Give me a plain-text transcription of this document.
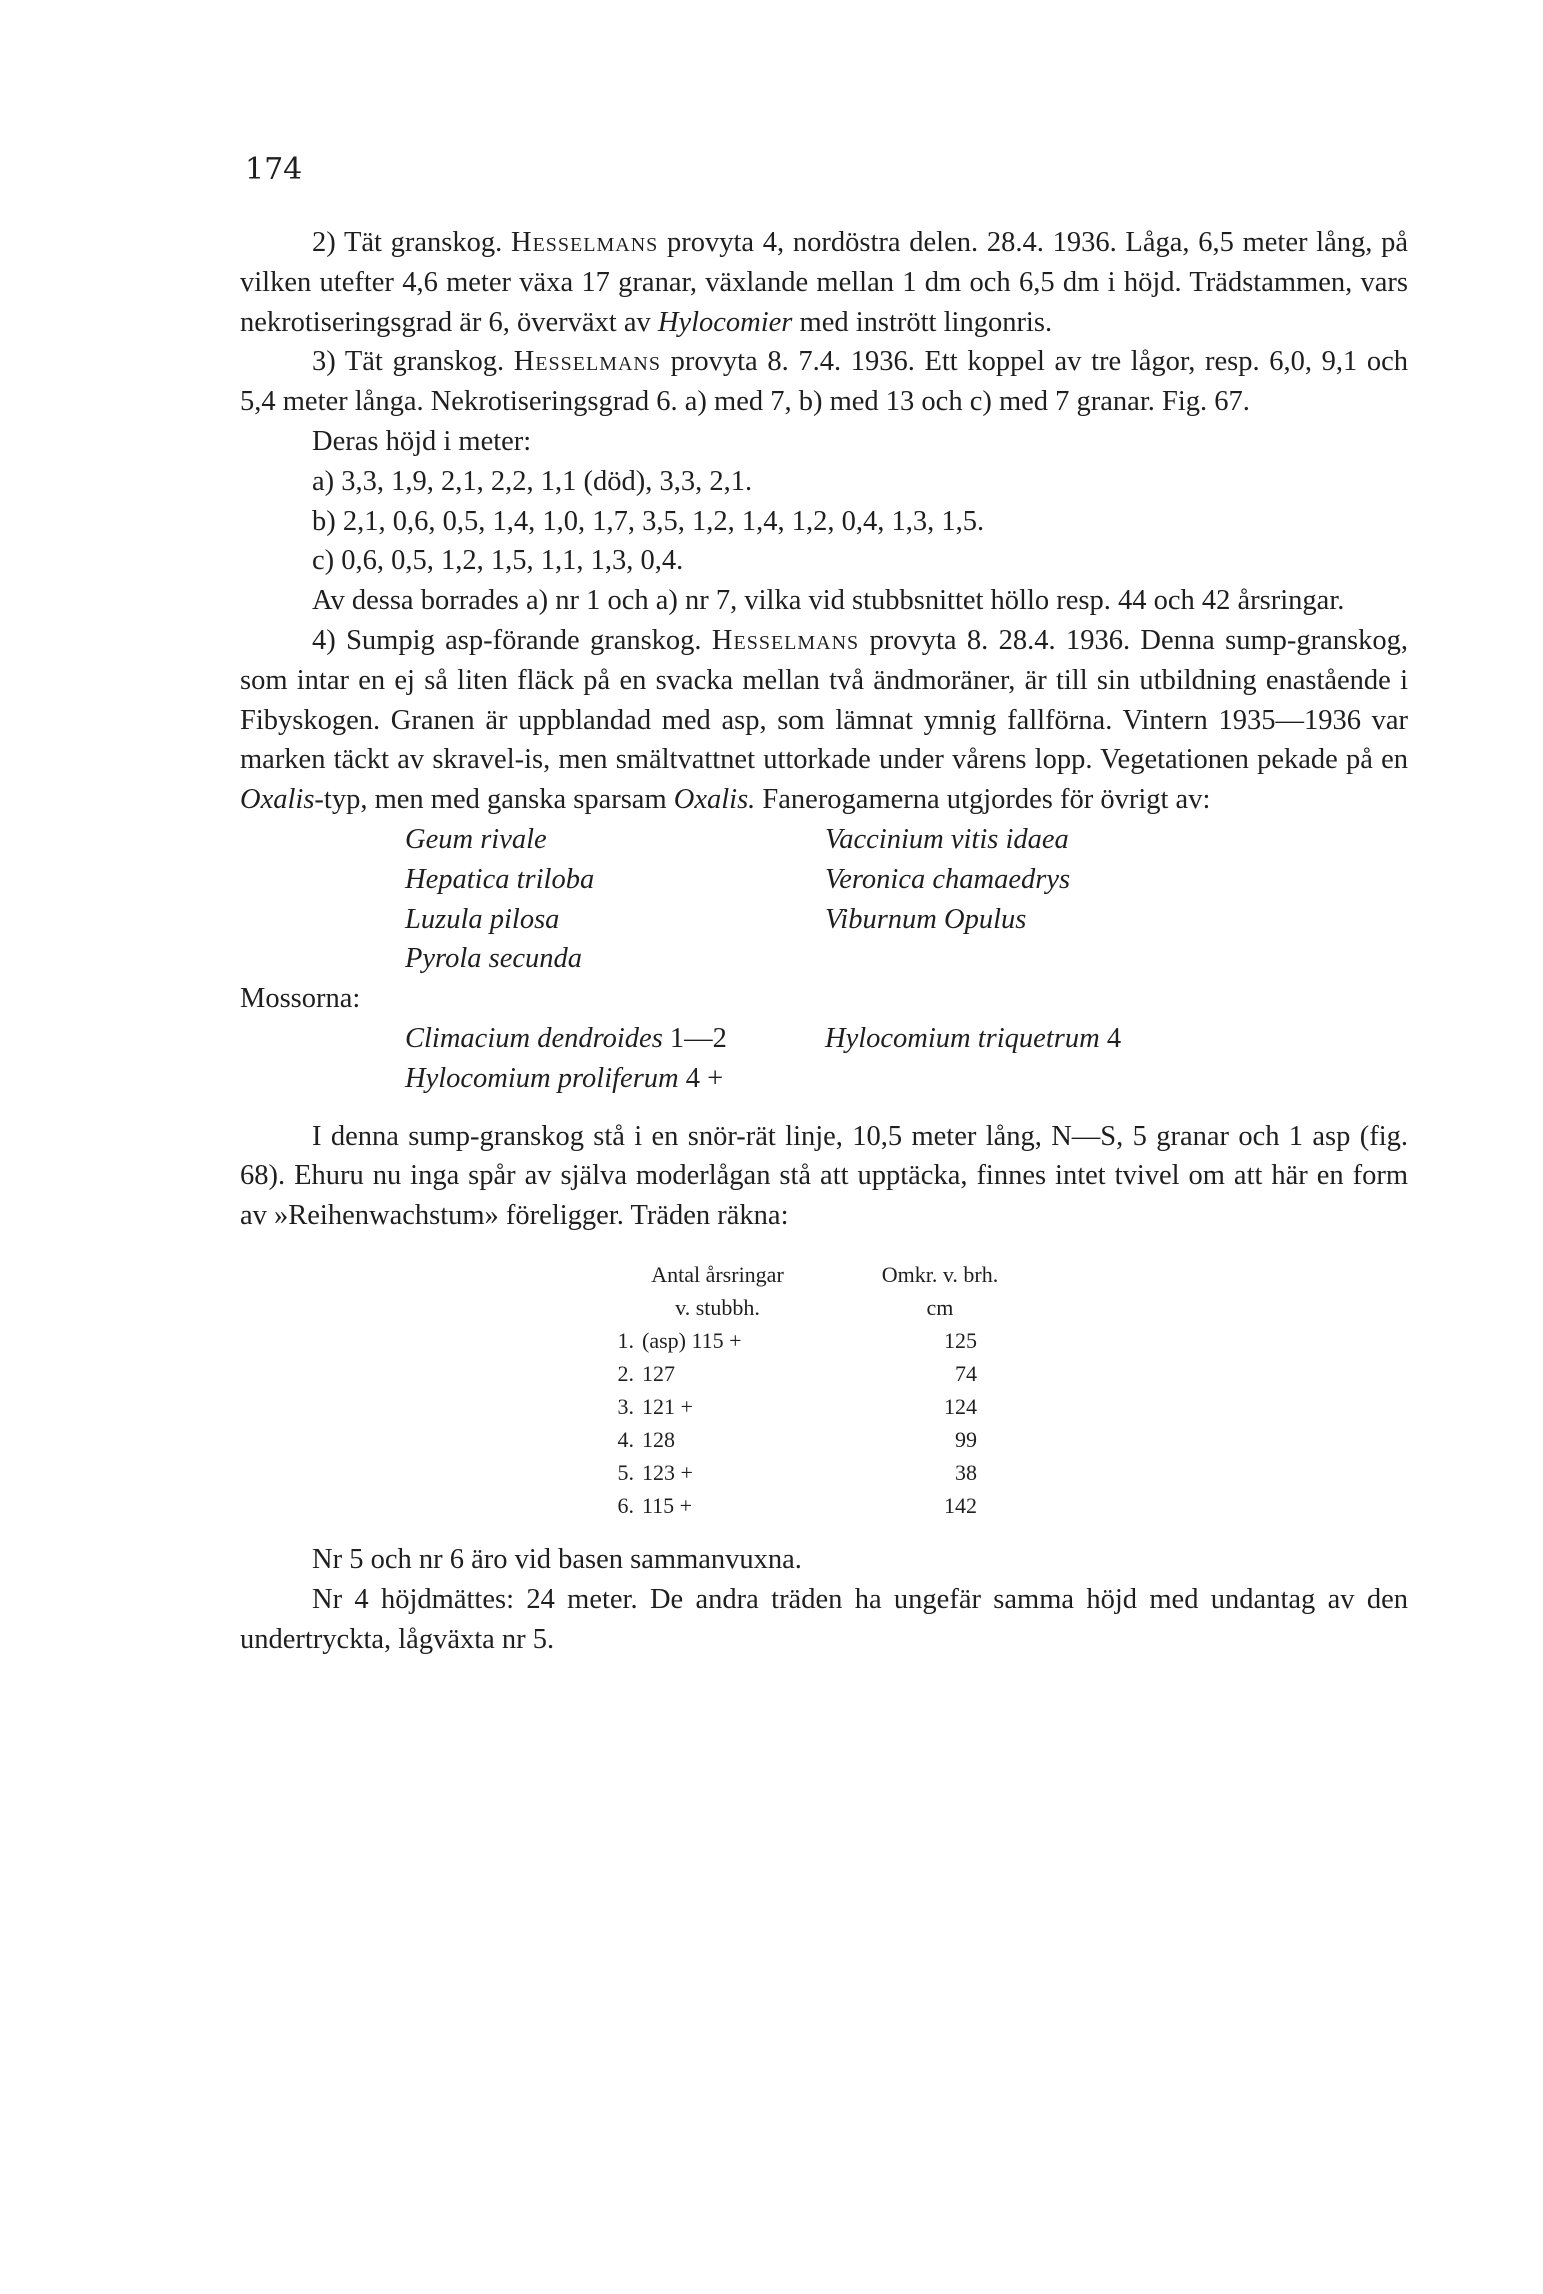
174

2) Tät granskog. Hesselmans provyta 4, nordöstra delen. 28.4. 1936. Låga, 6,5 meter lång, på vilken utefter 4,6 meter växa 17 granar, växlande mellan 1 dm och 6,5 dm i höjd. Trädstammen, vars nekrotiseringsgrad är 6, överväxt av Hylocomier med instrött lingonris.

3) Tät granskog. Hesselmans provyta 8. 7.4. 1936. Ett koppel av tre lågor, resp. 6,0, 9,1 och 5,4 meter långa. Nekrotiseringsgrad 6. a) med 7, b) med 13 och c) med 7 granar. Fig. 67.

Deras höjd i meter:

a) 3,3, 1,9, 2,1, 2,2, 1,1 (död), 3,3, 2,1.

b) 2,1, 0,6, 0,5, 1,4, 1,0, 1,7, 3,5, 1,2, 1,4, 1,2, 0,4, 1,3, 1,5.

c) 0,6, 0,5, 1,2, 1,5, 1,1, 1,3, 0,4.

Av dessa borrades a) nr 1 och a) nr 7, vilka vid stubbsnittet höllo resp. 44 och 42 årsringar.

4) Sumpig asp-förande granskog. Hesselmans provyta 8. 28.4. 1936. Denna sump-granskog, som intar en ej så liten fläck på en svacka mellan två ändmoräner, är till sin utbildning enastående i Fibyskogen. Granen är uppblandad med asp, som lämnat ymnig fallförna. Vintern 1935—1936 var marken täckt av skravel-is, men smältvattnet uttorkade under vårens lopp. Vegetationen pekade på en Oxalis-typ, men med ganska sparsam Oxalis. Fanerogamerna utgjordes för övrigt av:

Geum rivale	Vaccinium vitis idaea
Hepatica triloba	Veronica chamaedrys
Luzula pilosa	Viburnum Opulus
Pyrola secunda

Mossorna:

Climacium dendroides 1—2	Hylocomium triquetrum 4
Hylocomium proliferum 4 +

I denna sump-granskog stå i en snör-rät linje, 10,5 meter lång, N—S, 5 granar och 1 asp (fig. 68). Ehuru nu inga spår av själva moderlågan stå att upptäcka, finnes intet tvivel om att här en form av »Reihenwachstum» föreligger. Träden räkna:

Antal årsringar
v. stubbh.
Omkr. v. brh.
cm
1. (asp) 115 +	125
2. 127	74
3. 121 +	124
4. 128	99
5. 123 +	38
6. 115 +	142

Nr 5 och nr 6 äro vid basen sammanvuxna.

Nr 4 höjdmättes: 24 meter. De andra träden ha ungefär samma höjd med undantag av den undertryckta, lågväxta nr 5.
